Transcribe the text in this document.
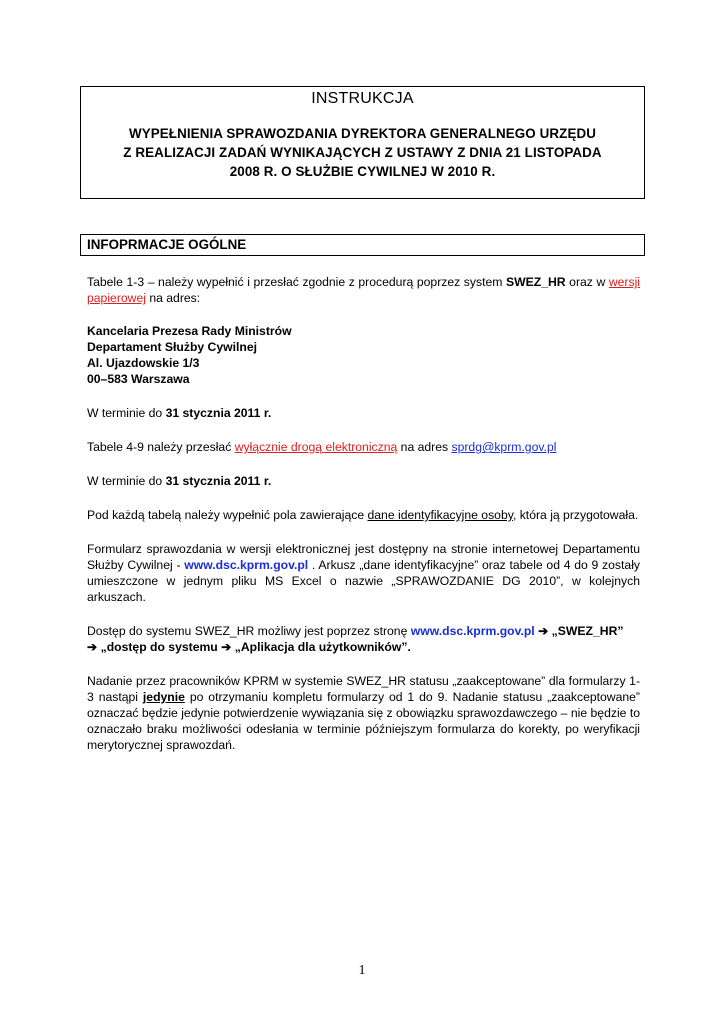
INSTRUKCJA
WYPEŁNIENIA SPRAWOZDANIA DYREKTORA GENERALNEGO URZĘDU
Z REALIZACJI ZADAŃ WYNIKAJĄCYCH Z USTAWY Z DNIA 21 LISTOPADA
2008 R. O SŁUŻBIE CYWILNEJ W 2010 R.
INFOPRMACJE OGÓLNE

Tabele 1-3 – należy wypełnić i przesłać zgodnie z procedurą poprzez system SWEZ_HR oraz w wersji papierowej na adres:

Kancelaria Prezesa Rady Ministrów
Departament Służby Cywilnej
Al. Ujazdowskie 1/3
00–583 Warszawa

W terminie do 31 stycznia 2011 r.

Tabele 4-9 należy przesłać wyłącznie drogą elektroniczną na adres sprdg@kprm.gov.pl

W terminie do 31 stycznia 2011 r.

Pod każdą tabelą należy wypełnić pola zawierające dane identyfikacyjne osoby, która ją przygotowała.

Formularz sprawozdania w wersji elektronicznej jest dostępny na stronie internetowej Departamentu Służby Cywilnej - www.dsc.kprm.gov.pl . Arkusz „dane identyfikacyjne” oraz tabele od 4 do 9 zostały umieszczone w jednym pliku MS Excel o nazwie „SPRAWOZDANIE DG 2010”, w kolejnych arkuszach.

Dostęp do systemu SWEZ_HR możliwy jest poprzez stronę www.dsc.kprm.gov.pl ➔ „SWEZ_HR”
➔ „dostęp do systemu ➔ „Aplikacja dla użytkowników”.

Nadanie przez pracowników KPRM w systemie SWEZ_HR statusu „zaakceptowane” dla formularzy 1-3 nastąpi jedynie po otrzymaniu kompletu formularzy od 1 do 9. Nadanie statusu „zaakceptowane” oznaczać będzie jedynie potwierdzenie wywiązania się z obowiązku sprawozdawczego – nie będzie to oznaczało braku możliwości odesłania w terminie późniejszym formularza do korekty, po weryfikacji merytorycznej sprawozdań.

1
